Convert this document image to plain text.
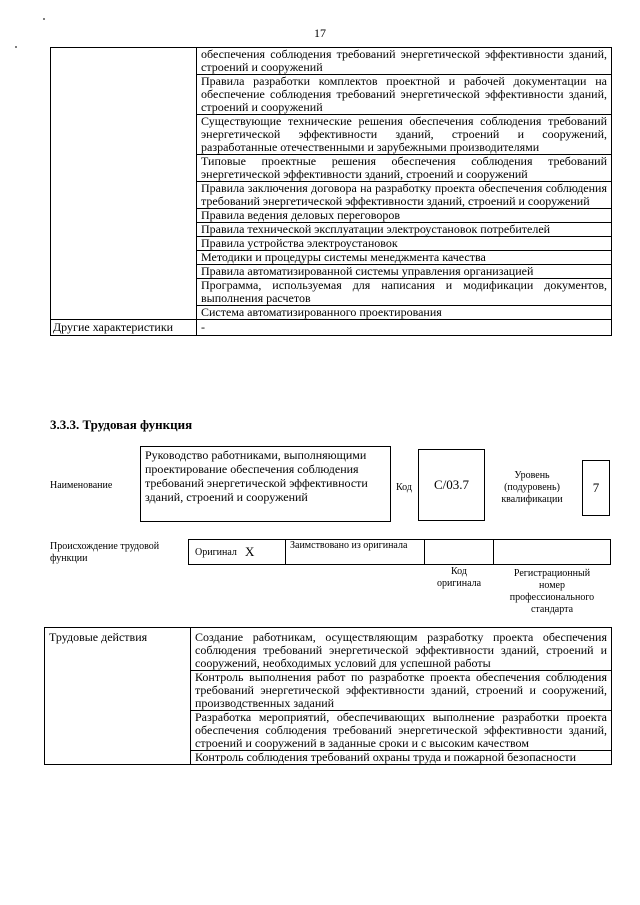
17
	обеспечения соблюдения требований энергетической эффективности зданий, строений и сооружений
	Правила разработки комплектов проектной и рабочей документации на обеспечение соблюдения требований энергетической эффективности зданий, строений и сооружений
	Существующие технические решения обеспечения соблюдения требований энергетической эффективности зданий, строений и сооружений, разработанные отечественными и зарубежными производителями
	Типовые проектные решения обеспечения соблюдения требований энергетической эффективности зданий, строений и сооружений
	Правила заключения договора на разработку проекта обеспечения соблюдения требований энергетической эффективности зданий, строений и сооружений
	Правила ведения деловых переговоров
	Правила технической эксплуатации электроустановок потребителей
	Правила устройства электроустановок
	Методики и процедуры системы менеджмента качества
	Правила автоматизированной системы управления организацией
	Программа, используемая для написания и модификации документов, выполнения расчетов
	Система автоматизированного проектирования
Другие характеристики	-
3.3.3. Трудовая функция
Наименование
Руководство работниками, выполняющими проектирование обеспечения соблюдения требований энергетической эффективности зданий, строений и сооружений
Код	С/03.7
Уровень (подуровень) квалификации
7
Происхождение трудовой функции
Оригинал X	Заимствовано из оригинала
Код оригинала
Регистрационный номер профессионального стандарта
Трудовые действия	Создание работникам, осуществляющим разработку проекта обеспечения соблюдения требований энергетической эффективности зданий, строений и сооружений, необходимых условий для успешной работы
Контроль выполнения работ по разработке проекта обеспечения соблюдения требований энергетической эффективности зданий, строений и сооружений, производственных заданий
Разработка мероприятий, обеспечивающих выполнение разработки проекта обеспечения соблюдения требований энергетической эффективности зданий, строений и сооружений в заданные сроки и с высоким качеством
Контроль соблюдения требований охраны труда и пожарной безопасности
